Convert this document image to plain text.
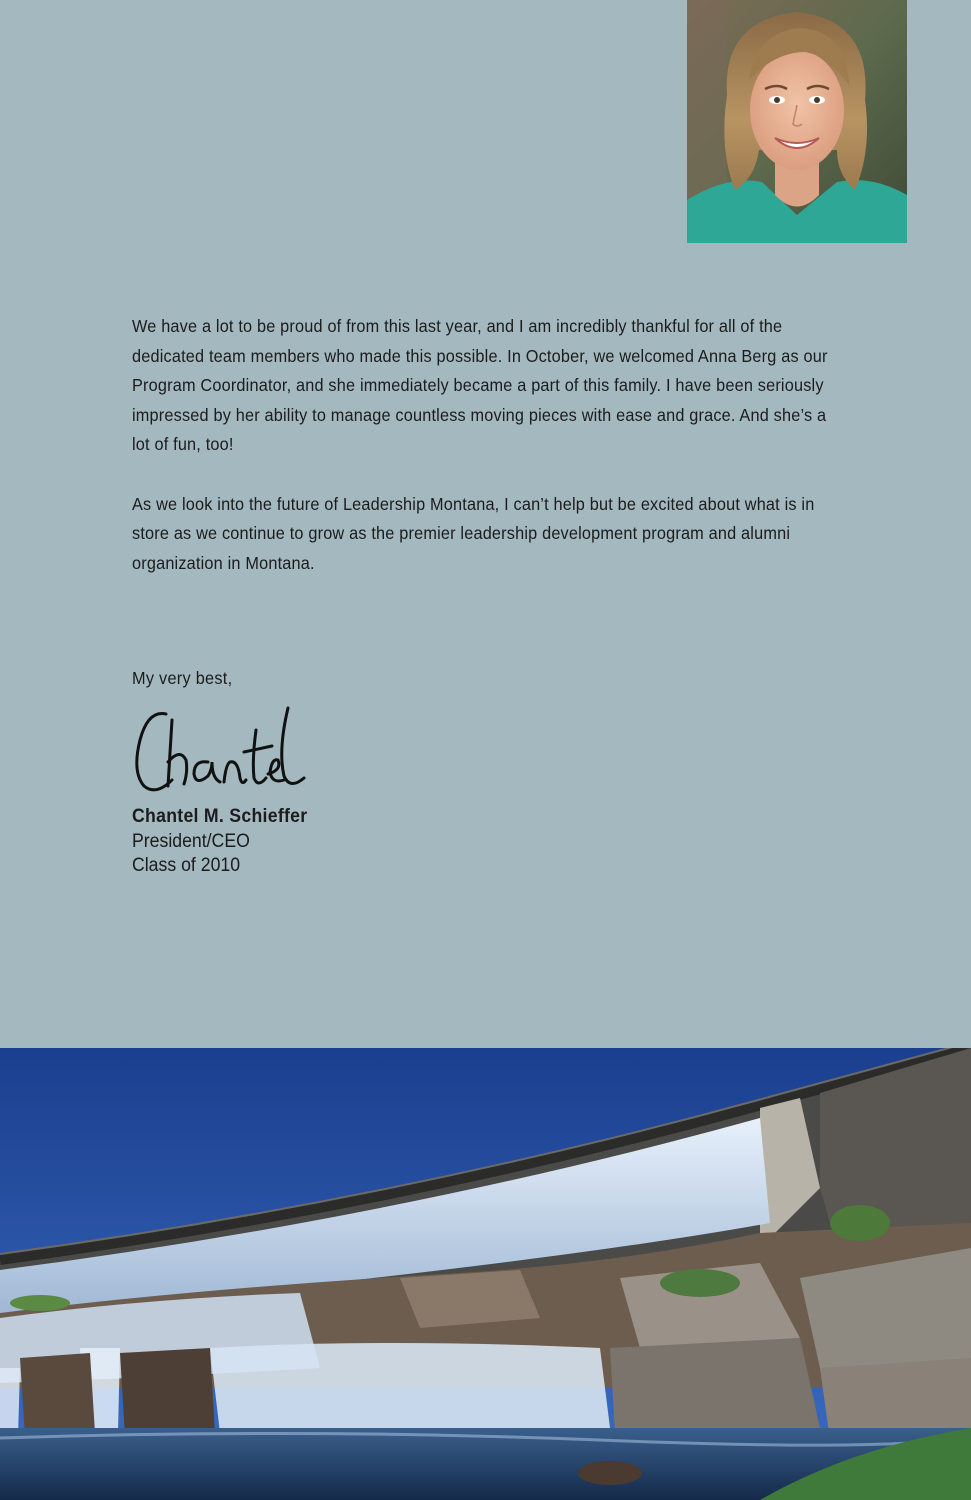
We have a lot to be proud of from this last year, and I am incredibly thankful for all of the dedicated team members who made this possible. In October, we welcomed Anna Berg as our Program Coordinator, and she immediately became a part of this family. I have been seriously impressed by her ability to manage countless moving pieces with ease and grace. And she’s a lot of fun, too!

As we look into the future of Leadership Montana, I can’t help but be excited about what is in store as we continue to grow as the premier leadership development program and alumni organization in Montana.

My very best,
Chantel M. Schieffer
President/CEO
Class of 2010
